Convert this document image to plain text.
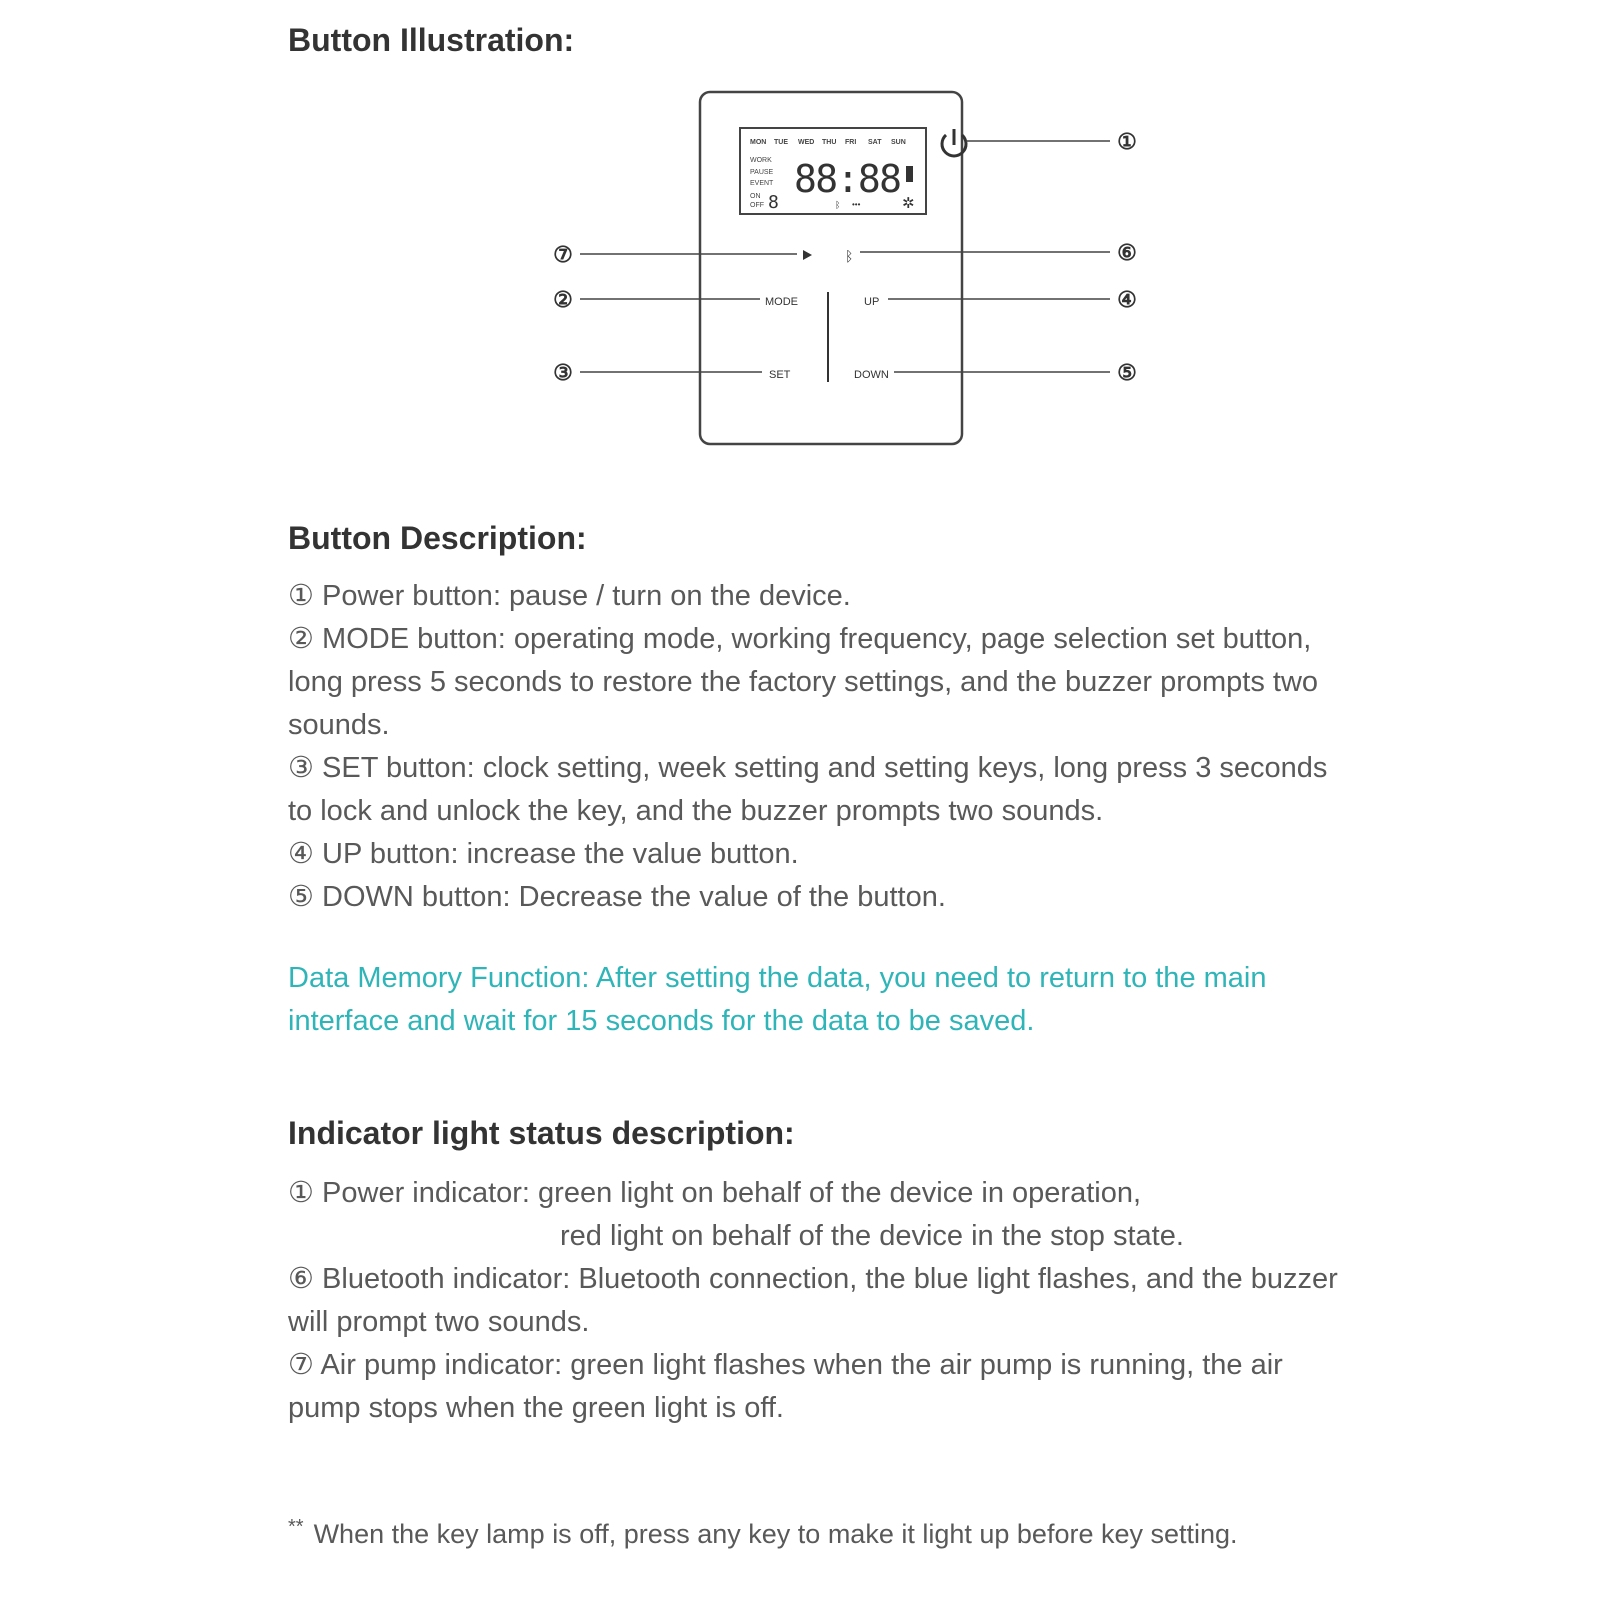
Button Illustration:
MON TUE WED THU FRI SAT SUN
WORK
PAUSE
EVENT
ON
OFF 8
88:88
✲
ᛒ •••
ᛒ
MODE	UP
SET	DOWN
①
⑦	⑥
②	④
③	⑤
Button Description:

① Power button: pause / turn on the device.

② MODE button: operating mode, working frequency, page selection set button, long press 5 seconds to restore the factory settings, and the buzzer prompts two sounds.

③ SET button: clock setting, week setting and setting keys, long press 3 seconds to lock and unlock the key, and the buzzer prompts two sounds.

④ UP button: increase the value button.

⑤ DOWN button: Decrease the value of the button.

Data Memory Function: After setting the data, you need to return to the main interface and wait for 15 seconds for the data to be saved.

Indicator light status description:

① Power indicator: green light on behalf of the device in operation,

red light on behalf of the device in the stop state.

⑥ Bluetooth indicator: Bluetooth connection, the blue light flashes, and the buzzer will prompt two sounds.

⑦ Air pump indicator: green light flashes when the air pump is running, the air pump stops when the green light is off.

** When the key lamp is off, press any key to make it light up before key setting.
